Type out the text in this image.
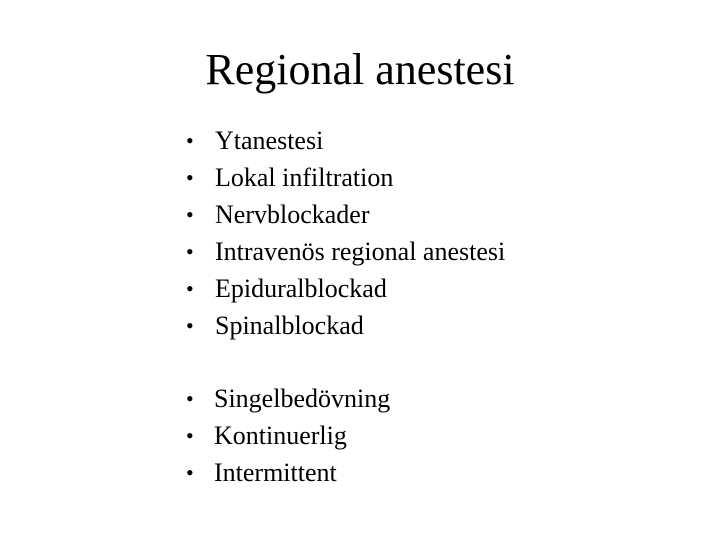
Regional anestesi
• Ytanestesi
• Lokal infiltration
• Nervblockader
• Intravenös regional anestesi
• Epiduralblockad
• Spinalblockad
• Singelbedövning
• Kontinuerlig
• Intermittent
